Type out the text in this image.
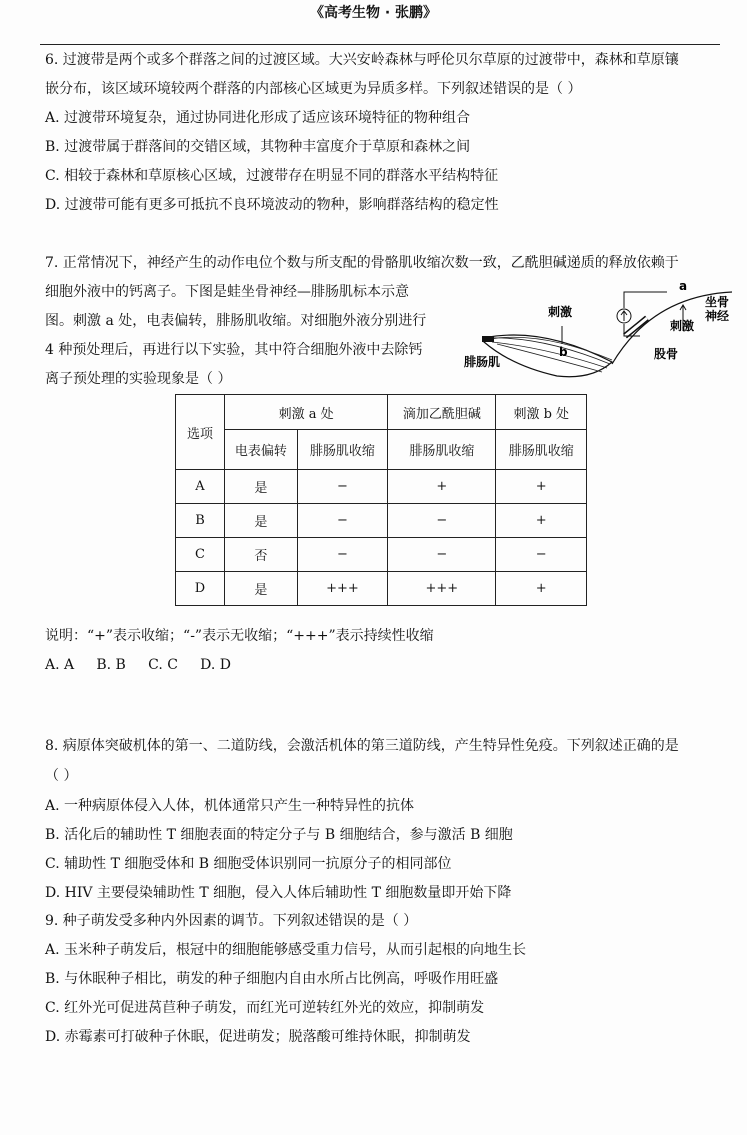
《高考生物 · 张鹏》
6. 过渡带是两个或多个群落之间的过渡区域。大兴安岭森林与呼伦贝尔草原的过渡带中，森林和草原镶
嵌分布，该区域环境较两个群落的内部核心区域更为异质多样。下列叙述错误的是（ ）
A. 过渡带环境复杂，通过协同进化形成了适应该环境特征的物种组合
B. 过渡带属于群落间的交错区域，其物种丰富度介于草原和森林之间
C. 相较于森林和草原核心区域，过渡带存在明显不同的群落水平结构特征
D. 过渡带可能有更多可抵抗不良环境波动的物种，影响群落结构的稳定性
7. 正常情况下，神经产生的动作电位个数与所支配的骨骼肌收缩次数一致，乙酰胆碱递质的释放依赖于
细胞外液中的钙离子。下图是蛙坐骨神经—腓肠肌标本示意
图。刺激 a 处，电表偏转，腓肠肌收缩。对细胞外液分别进行
4 种预处理后，再进行以下实验，其中符合细胞外液中去除钙
离子预处理的实验现象是（ ）
刺激
b
a
刺激
坐骨
神经
股骨
腓肠肌
选项	刺激 a 处		滴加乙酰胆碱	刺激 b 处
	电表偏转	腓肠肌收缩	腓肠肌收缩	腓肠肌收缩
A	是	−	+	+
B	是	−	−	+
C	否	−	−	−
D	是	+++	+++	+
说明：“+”表示收缩；“-”表示无收缩；“+++”表示持续性收缩
A. A     B. B     C. C     D. D
8. 病原体突破机体的第一、二道防线，会激活机体的第三道防线，产生特异性免疫。下列叙述正确的是
（ ）
A. 一种病原体侵入人体，机体通常只产生一种特异性的抗体
B. 活化后的辅助性 T 细胞表面的特定分子与 B 细胞结合，参与激活 B 细胞
C. 辅助性 T 细胞受体和 B 细胞受体识别同一抗原分子的相同部位
D. HIV 主要侵染辅助性 T 细胞，侵入人体后辅助性 T 细胞数量即开始下降
9. 种子萌发受多种内外因素的调节。下列叙述错误的是（ ）
A. 玉米种子萌发后，根冠中的细胞能够感受重力信号，从而引起根的向地生长
B. 与休眠种子相比，萌发的种子细胞内自由水所占比例高，呼吸作用旺盛
C. 红外光可促进莴苣种子萌发，而红光可逆转红外光的效应，抑制萌发
D. 赤霉素可打破种子休眠，促进萌发；脱落酸可维持休眠，抑制萌发
